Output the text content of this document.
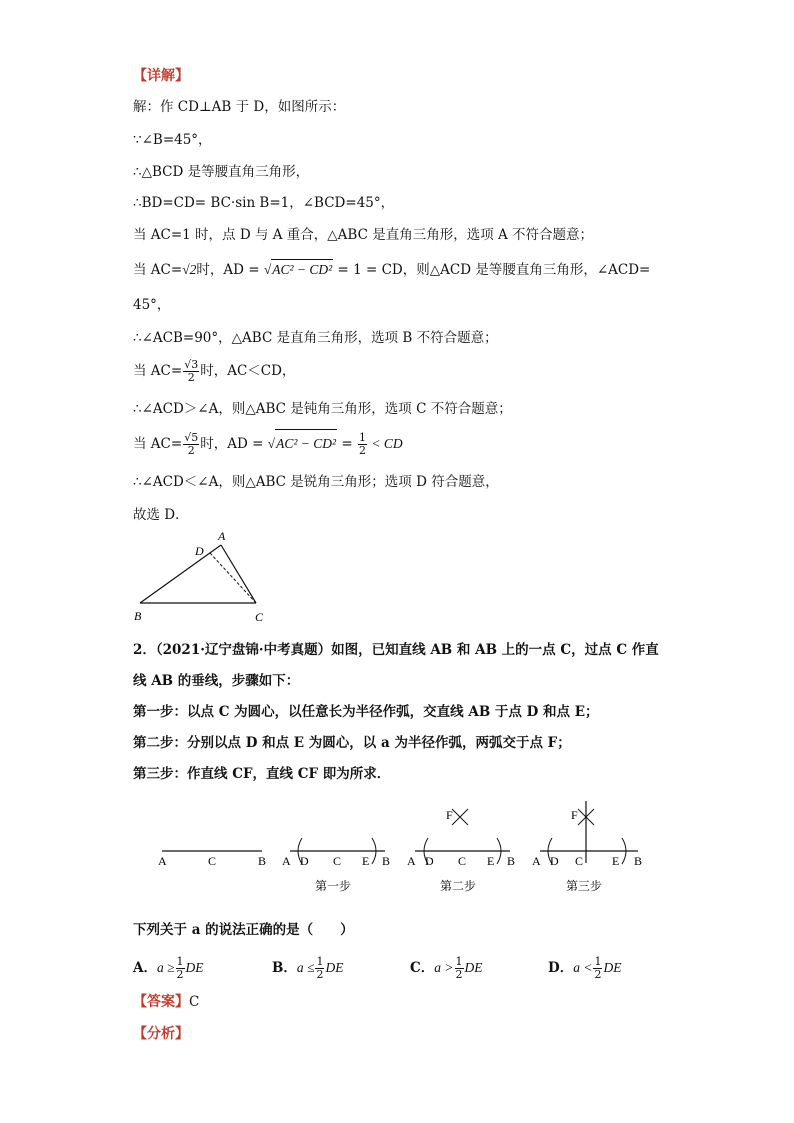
【详解】
解：作 CD⊥AB 于 D，如图所示：
∵∠B=45°，
∴△BCD 是等腰直角三角形，
∴BD=CD= BC·sin B=1，∠BCD=45°，
当 AC=1 时，点 D 与 A 重合，△ABC 是直角三角形，选项 A 不符合题意；
当 AC=√2时，AD = √AC² − CD² = 1 = CD，则△ACD 是等腰直角三角形，∠ACD=
45°，
∴∠ACB=90°，△ABC 是直角三角形，选项 B 不符合题意；
当 $AC= \frac{√3}{2}$ 时，AC＜CD，
∴∠ACD＞∠A，则△ABC 是钝角三角形，选项 C 不符合题意；
当 $AC= \frac{√5}{2}$ 时，AD = $√AC^2 - CD^2 = \frac{1}{2}$ < CD
∴∠ACD＜∠A，则△ABC 是锐角三角形；选项 D 符合题意，
故选 D．
A
D
B	C
2．（2021·辽宁盘锦·中考真题）如图，已知直线 AB 和 AB 上的一点 C，过点 C 作直
线 AB 的垂线，步骤如下：
第一步：以点 C 为圆心，以任意长为半径作弧，交直线 AB 于点 D 和点 E；
第二步：分别以点 D 和点 E 为圆心，以 a 为半径作弧，两弧交于点 F；
第三步：作直线 CF，直线 CF 即为所求．
A	C	B A D C E B
第一步
F
A D C E B
第二步
F
A D C E B
第三步
下列关于 a 的说法正确的是（　　）
A．$a \ge \frac{1}{2}$ DE	B．$a \le \frac{1}{2}$ DE	C．$a > \frac{1}{2}$ DE	D．$a < \frac{1}{2}$ DE
【答案】C
【分析】
